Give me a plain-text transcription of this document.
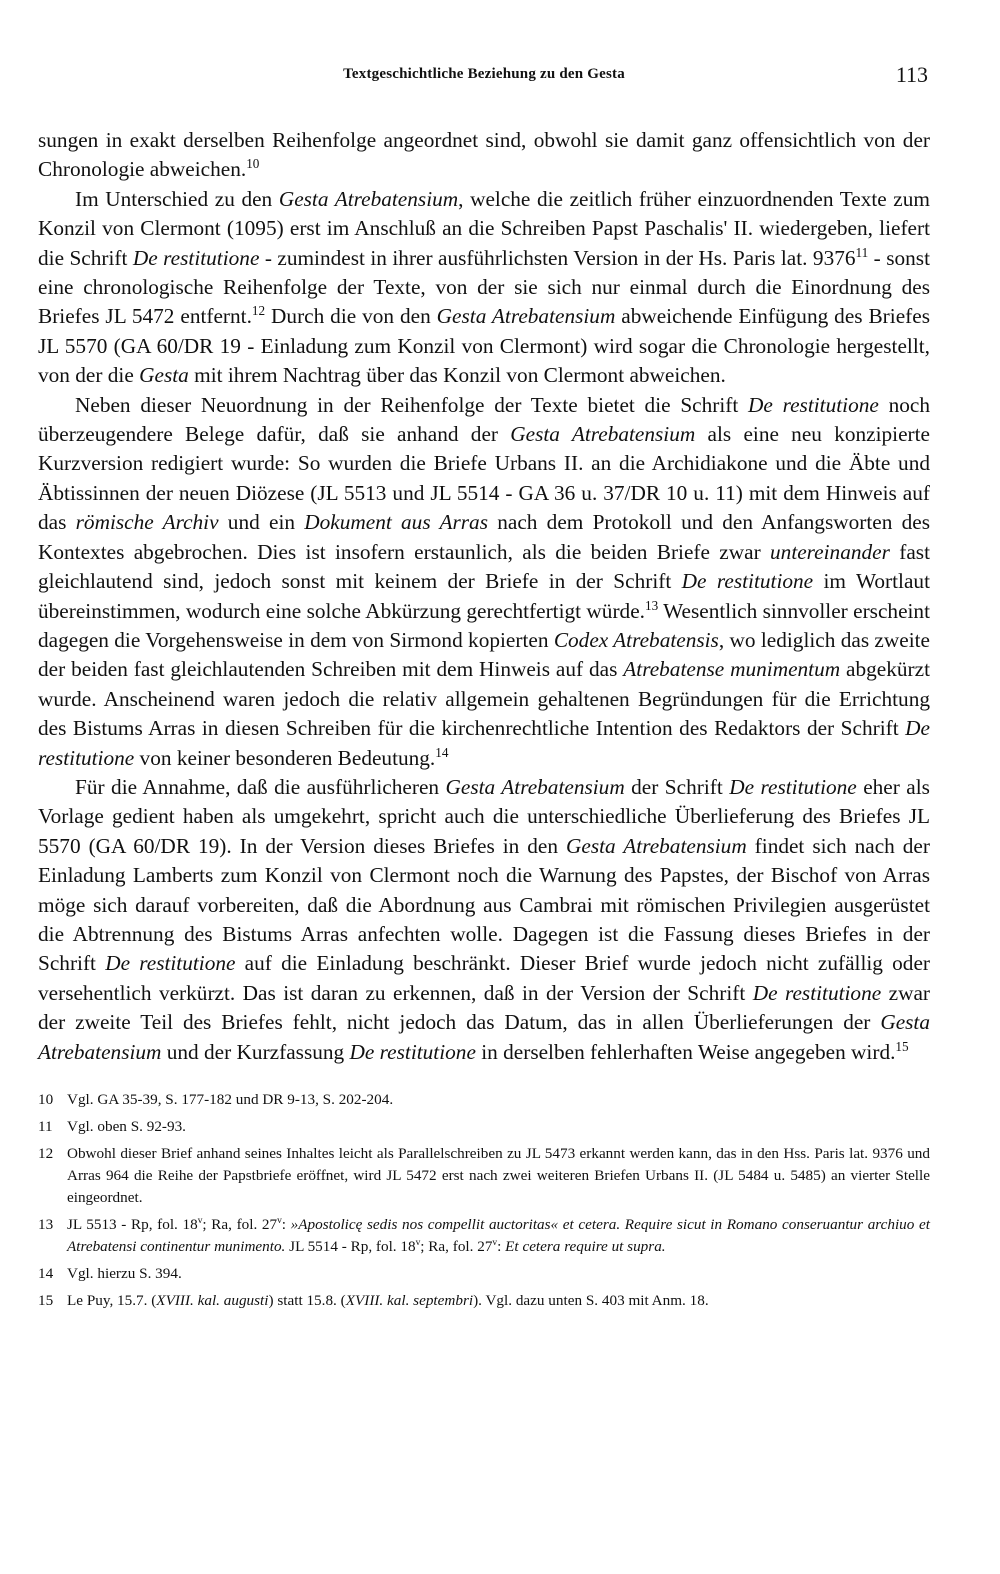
Textgeschichtliche Beziehung zu den Gesta	113

sungen in exakt derselben Reihenfolge angeordnet sind, obwohl sie damit ganz offensichtlich von der Chronologie abweichen.$^{10}$

Im Unterschied zu den Gesta Atrebatensium, welche die zeitlich früher einzuordnenden Texte zum Konzil von Clermont (1095) erst im Anschluß an die Schreiben Papst Paschalis' II. wiedergeben, liefert die Schrift De restitutione - zumindest in ihrer ausführlichsten Version in der Hs. Paris lat. 9376$^{11}$ - sonst eine chronologische Reihenfolge der Texte, von der sie sich nur einmal durch die Einordnung des Briefes JL 5472 entfernt.$^{12}$ Durch die von den Gesta Atrebatensium abweichende Einfügung des Briefes JL 5570 (GA 60/DR 19 - Einladung zum Konzil von Clermont) wird sogar die Chronologie hergestellt, von der die Gesta mit ihrem Nachtrag über das Konzil von Clermont abweichen.

Neben dieser Neuordnung in der Reihenfolge der Texte bietet die Schrift De restitutione noch überzeugendere Belege dafür, daß sie anhand der Gesta Atrebatensium als eine neu konzipierte Kurzversion redigiert wurde: So wurden die Briefe Urbans II. an die Archidiakone und die Äbte und Äbtissinnen der neuen Diözese (JL 5513 und JL 5514 - GA 36 u. 37/DR 10 u. 11) mit dem Hinweis auf das römische Archiv und ein Dokument aus Arras nach dem Protokoll und den Anfangsworten des Kontextes abgebrochen. Dies ist insofern erstaunlich, als die beiden Briefe zwar untereinander fast gleichlautend sind, jedoch sonst mit keinem der Briefe in der Schrift De restitutione im Wortlaut übereinstimmen, wodurch eine solche Abkürzung gerechtfertigt würde.$^{13}$ Wesentlich sinnvoller erscheint dagegen die Vorgehensweise in dem von Sirmond kopierten Codex Atrebatensis, wo lediglich das zweite der beiden fast gleichlautenden Schreiben mit dem Hinweis auf das Atrebatense munimentum abgekürzt wurde. Anscheinend waren jedoch die relativ allgemein gehaltenen Begründungen für die Errichtung des Bistums Arras in diesen Schreiben für die kirchenrechtliche Intention des Redaktors der Schrift De restitutione von keiner besonderen Bedeutung.$^{14}$

Für die Annahme, daß die ausführlicheren Gesta Atrebatensium der Schrift De restitutione eher als Vorlage gedient haben als umgekehrt, spricht auch die unterschiedliche Überlieferung des Briefes JL 5570 (GA 60/DR 19). In der Version dieses Briefes in den Gesta Atrebatensium findet sich nach der Einladung Lamberts zum Konzil von Clermont noch die Warnung des Papstes, der Bischof von Arras möge sich darauf vorbereiten, daß die Abordnung aus Cambrai mit römischen Privilegien ausgerüstet die Abtrennung des Bistums Arras anfechten wolle. Dagegen ist die Fassung dieses Briefes in der Schrift De restitutione auf die Einladung beschränkt. Dieser Brief wurde jedoch nicht zufällig oder versehentlich verkürzt. Das ist daran zu erkennen, daß in der Version der Schrift De restitutione zwar der zweite Teil des Briefes fehlt, nicht jedoch das Datum, das in allen Überlieferungen der Gesta Atrebatensium und der Kurzfassung De restitutione in derselben fehlerhaften Weise angegeben wird.$^{15}$

10 Vgl. GA 35-39, S. 177-182 und DR 9-13, S. 202-204.
11 Vgl. oben S. 92-93.
12 Obwohl dieser Brief anhand seines Inhaltes leicht als Parallelschreiben zu JL 5473 erkannt werden kann, das in den Hss. Paris lat. 9376 und Arras 964 die Reihe der Papstbriefe eröffnet, wird JL 5472 erst nach zwei weiteren Briefen Urbans II. (JL 5484 u. 5485) an vierter Stelle eingeordnet.
13 JL 5513 - Rp, fol. 18$^v$; Ra, fol. 27$^v$: »Apostolicę sedis nos compellit auctoritas« et cetera. Require sicut in Romano conseruantur archiuo et Atrebatensi continentur munimento. JL 5514 - Rp, fol. 18$^v$; Ra, fol. 27$^v$: Et cetera require ut supra.
14 Vgl. hierzu S. 394.
15 Le Puy, 15.7. (XVIII. kal. augusti) statt 15.8. (XVIII. kal. septembri). Vgl. dazu unten S. 403 mit Anm. 18.
